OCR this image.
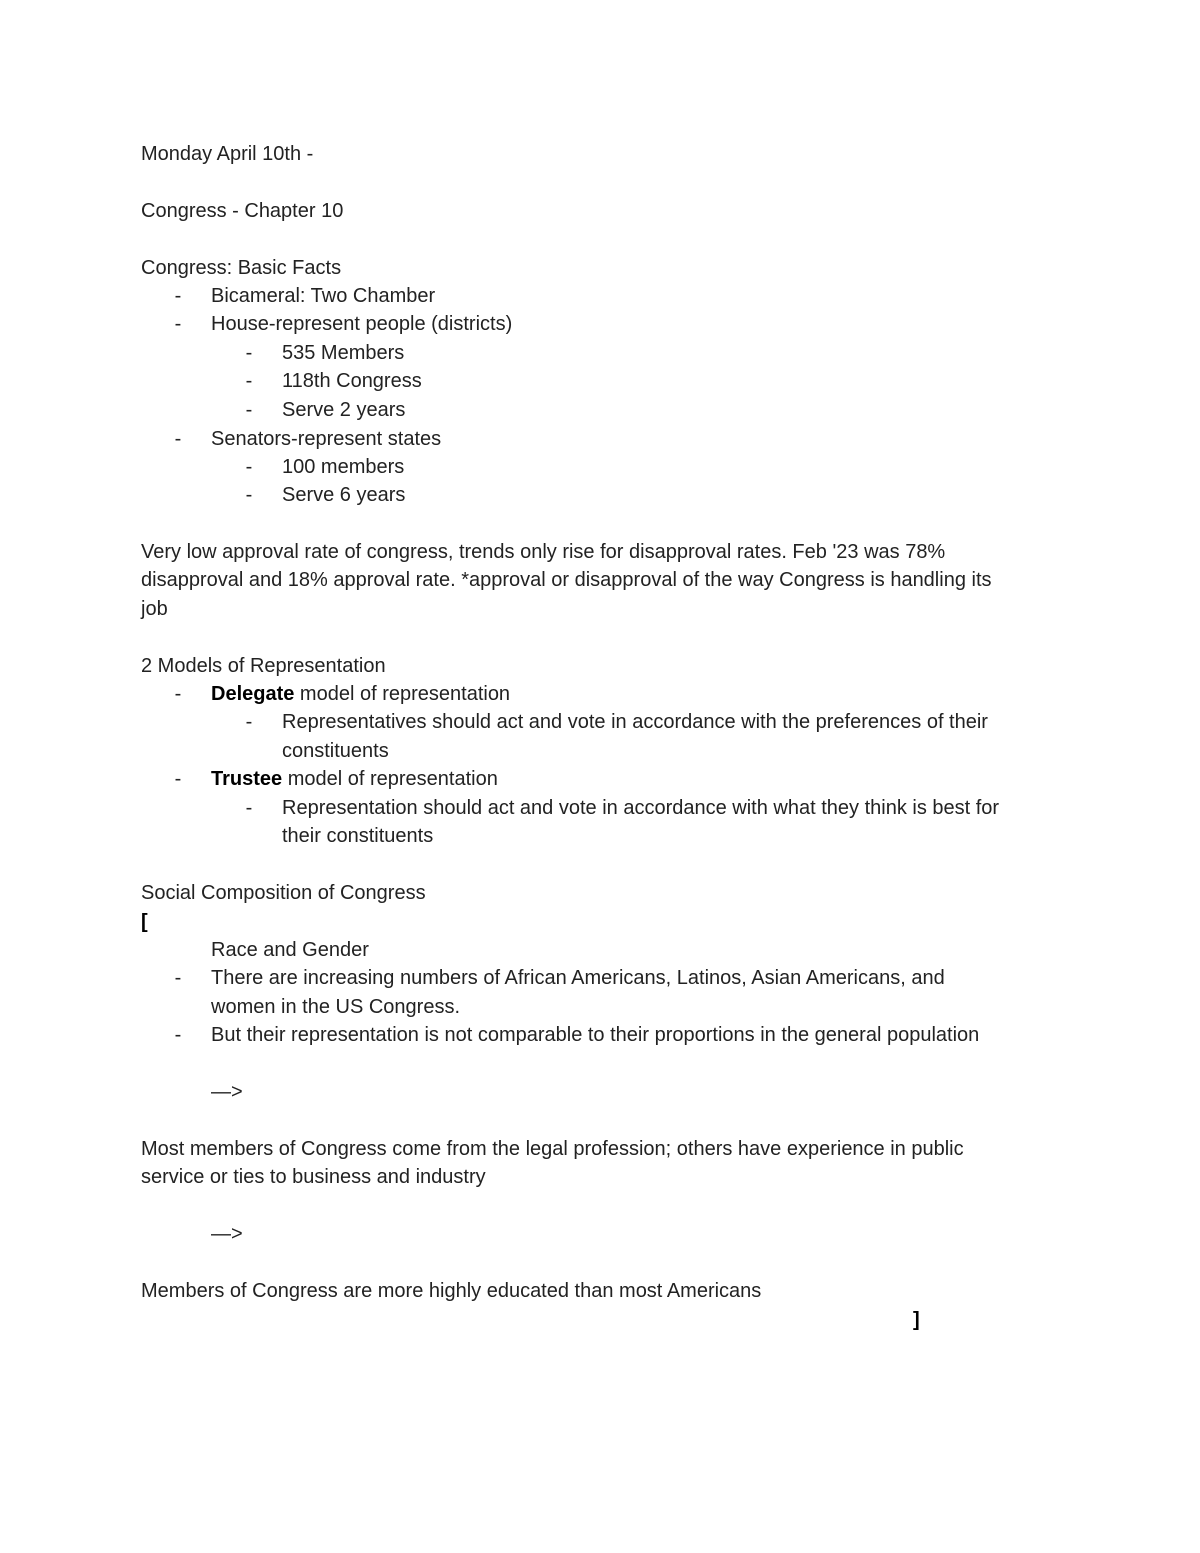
Monday April 10th -
Congress - Chapter 10
Congress: Basic Facts
-	Bicameral: Two Chamber
-	House-represent people (districts)
-	535 Members
-	118th Congress
-	Serve 2 years
-	Senators-represent states
-	100 members
-	Serve 6 years
Very low approval rate of congress, trends only rise for disapproval rates. Feb '23 was 78%
disapproval and 18% approval rate. *approval or disapproval of the way Congress is handling its
job
2 Models of Representation
-	Delegate model of representation
-	Representatives should act and vote in accordance with the preferences of their
constituents
-	Trustee model of representation
-	Representation should act and vote in accordance with what they think is best for
their constituents
Social Composition of Congress
[
Race and Gender
-	There are increasing numbers of African Americans, Latinos, Asian Americans, and
women in the US Congress.
-	But their representation is not comparable to their proportions in the general population
—>
Most members of Congress come from the legal profession; others have experience in public
service or ties to business and industry
—>
Members of Congress are more highly educated than most Americans
]
